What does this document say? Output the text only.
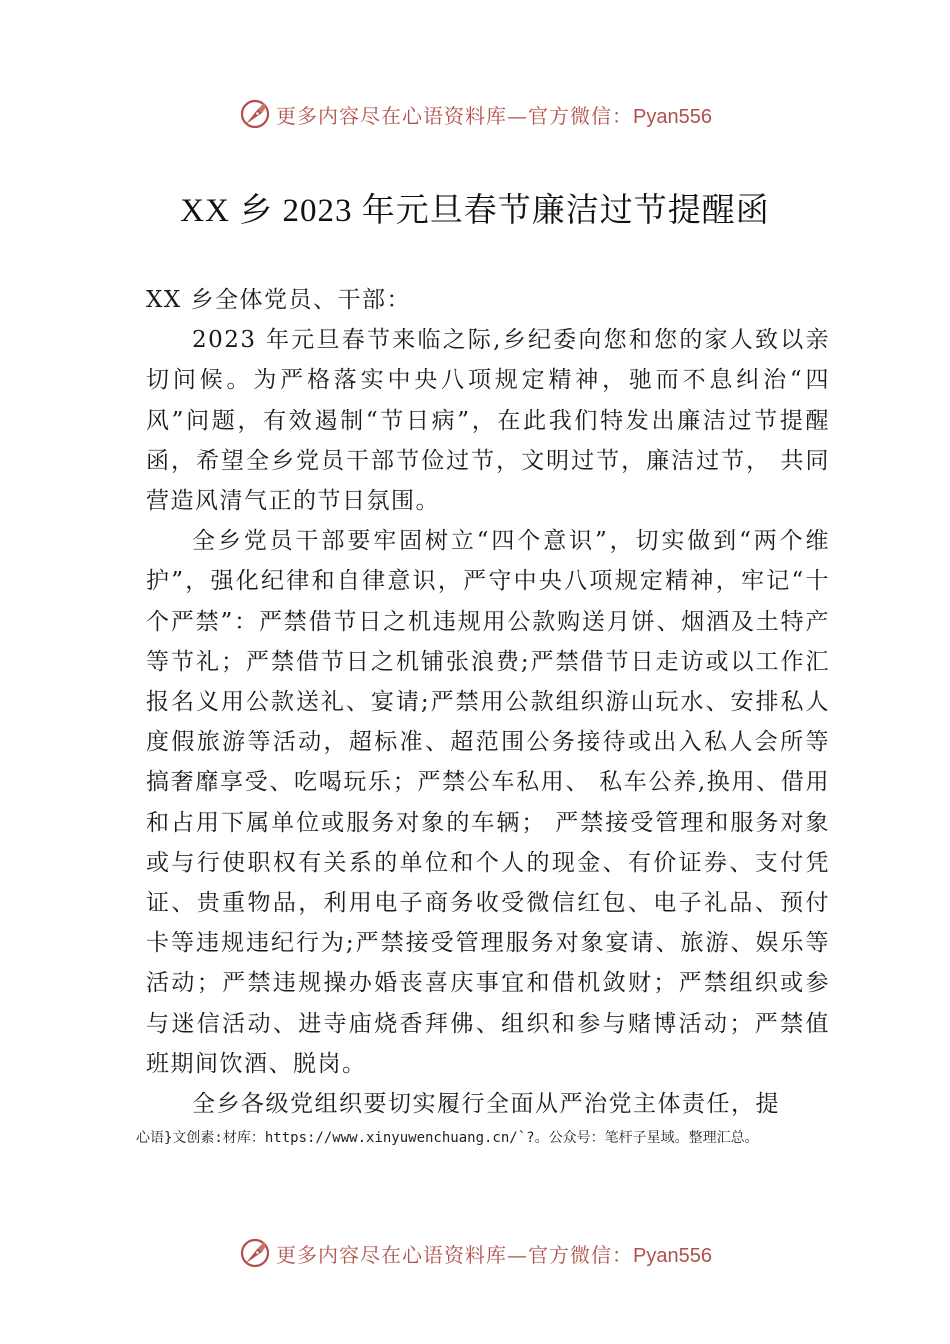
更多内容尽在心语资料库—官方微信：Pyan556
XX 乡 2023 年元旦春节廉洁过节提醒函

XX 乡全体党员、干部：

2023 年元旦春节来临之际,乡纪委向您和您的家人致以亲切问候。为严格落实中央八项规定精神，驰而不息纠治“四风”问题，有效遏制“节日病”，在此我们特发出廉洁过节提醒函，希望全乡党员干部节俭过节，文明过节，廉洁过节， 共同营造风清气正的节日氛围。

全乡党员干部要牢固树立“四个意识”，切实做到“两个维护”，强化纪律和自律意识，严守中央八项规定精神，牢记“十个严禁”：严禁借节日之机违规用公款购送月饼、烟酒及土特产等节礼；严禁借节日之机铺张浪费;严禁借节日走访或以工作汇报名义用公款送礼、宴请;严禁用公款组织游山玩水、安排私人度假旅游等活动，超标准、超范围公务接待或出入私人会所等搞奢靡享受、吃喝玩乐；严禁公车私用、 私车公养,换用、借用和占用下属单位或服务对象的车辆； 严禁接受管理和服务对象或与行使职权有关系的单位和个人的现金、有价证券、支付凭证、贵重物品，利用电子商务收受微信红包、电子礼品、预付卡等违规违纪行为;严禁接受管理服务对象宴请、旅游、娱乐等活动；严禁违规操办婚丧喜庆事宜和借机敛财；严禁组织或参与迷信活动、进寺庙烧香拜佛、组织和参与赌博活动；严禁值班期间饮酒、脱岗。

全乡各级党组织要切实履行全面从严治党主体责任，提

心语}文创素:材库：https://www.xinyuwenchuang.cn/`?。公众号：笔杆子星域。整理汇总。
更多内容尽在心语资料库—官方微信：Pyan556
